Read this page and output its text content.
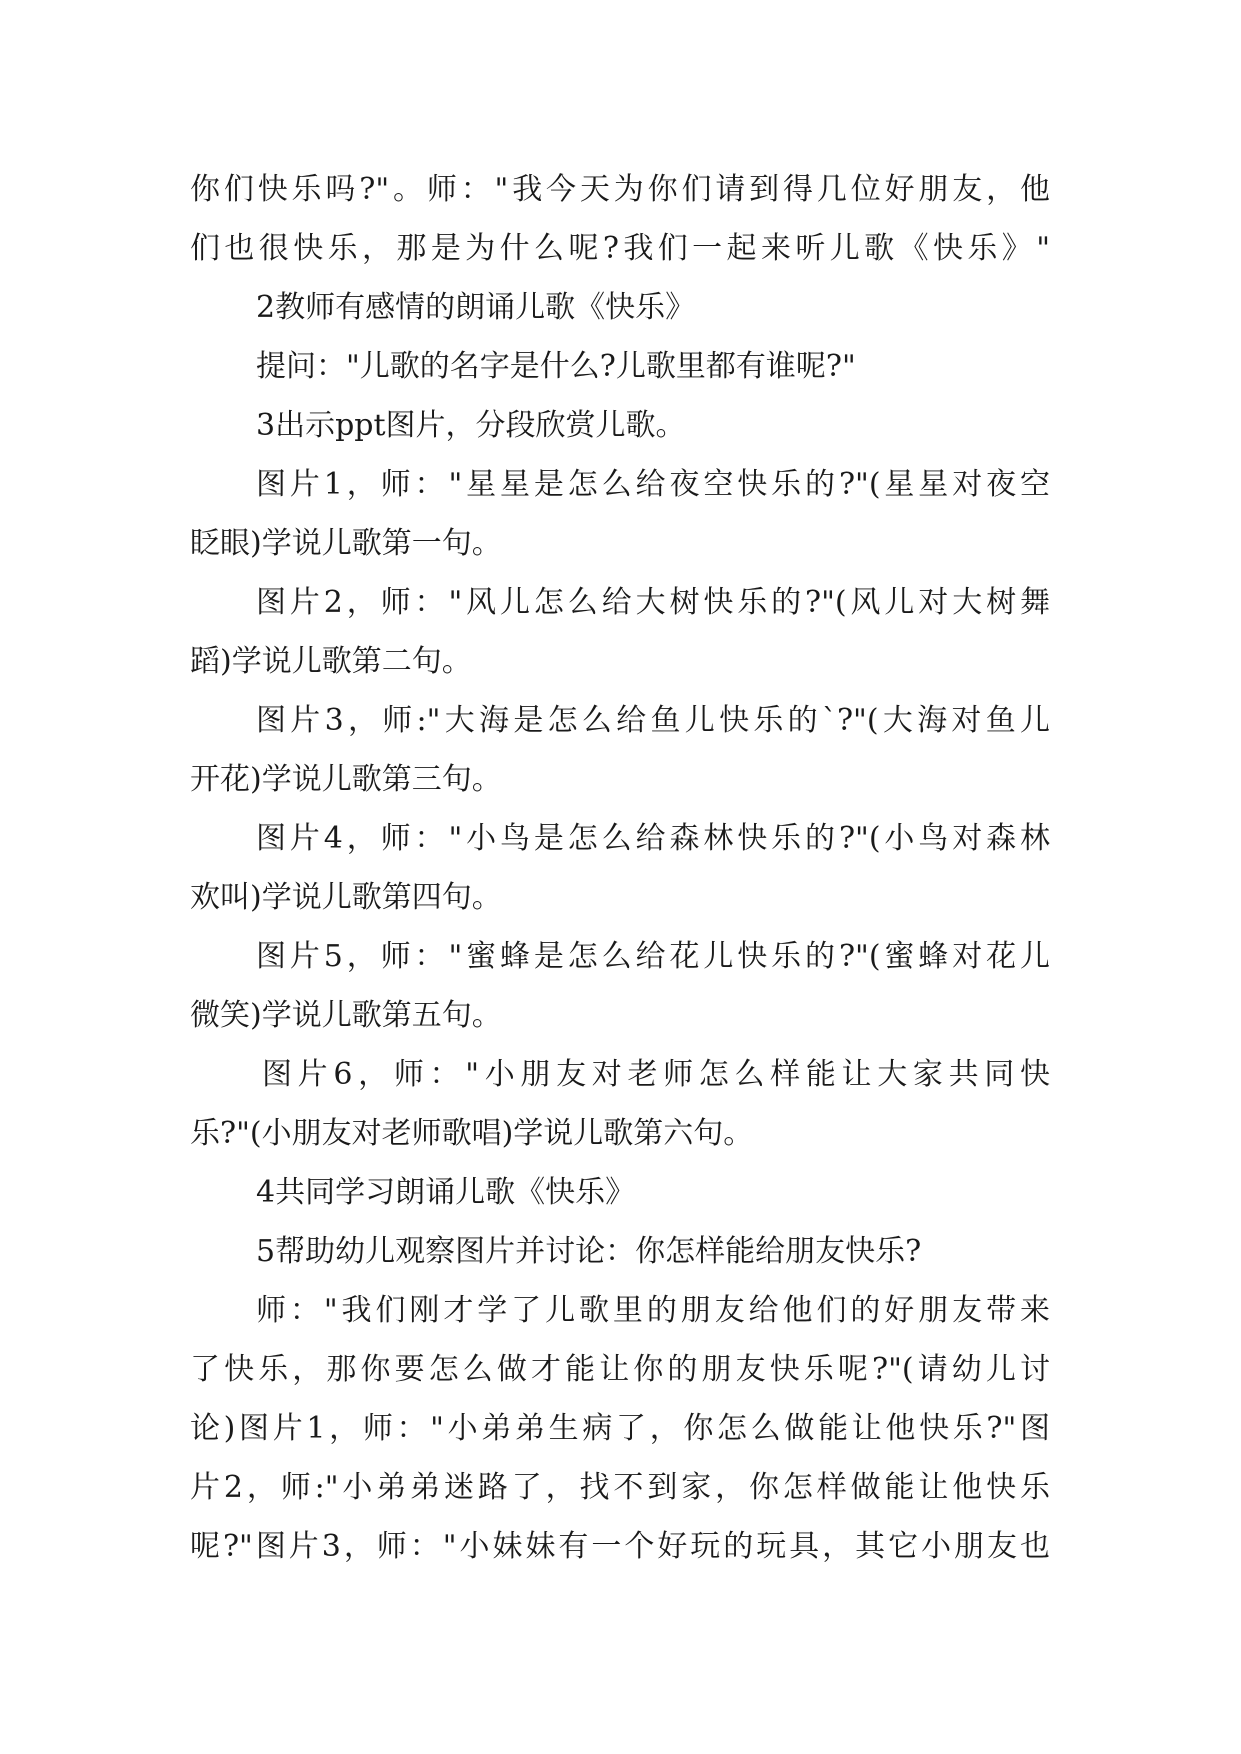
你们快乐吗?"。师："我今天为你们请到得几位好朋友，他
们也很快乐，那是为什么呢?我们一起来听儿歌《快乐》"
2教师有感情的朗诵儿歌《快乐》
提问："儿歌的名字是什么?儿歌里都有谁呢?"
3出示ppt图片，分段欣赏儿歌。
图片1，师："星星是怎么给夜空快乐的?"(星星对夜空
眨眼)学说儿歌第一句。
图片2，师："风儿怎么给大树快乐的?"(风儿对大树舞
蹈)学说儿歌第二句。
图片3，师:"大海是怎么给鱼儿快乐的`?"(大海对鱼儿
开花)学说儿歌第三句。
图片4，师："小鸟是怎么给森林快乐的?"(小鸟对森林
欢叫)学说儿歌第四句。
图片5，师："蜜蜂是怎么给花儿快乐的?"(蜜蜂对花儿
微笑)学说儿歌第五句。
图片6，师："小朋友对老师怎么样能让大家共同快
乐?"(小朋友对老师歌唱)学说儿歌第六句。
4共同学习朗诵儿歌《快乐》
5帮助幼儿观察图片并讨论：你怎样能给朋友快乐?
师："我们刚才学了儿歌里的朋友给他们的好朋友带来
了快乐，那你要怎么做才能让你的朋友快乐呢?"(请幼儿讨
论)图片1，师："小弟弟生病了，你怎么做能让他快乐?"图
片2，师:"小弟弟迷路了，找不到家，你怎样做能让他快乐
呢?"图片3，师："小妹妹有一个好玩的玩具，其它小朋友也
